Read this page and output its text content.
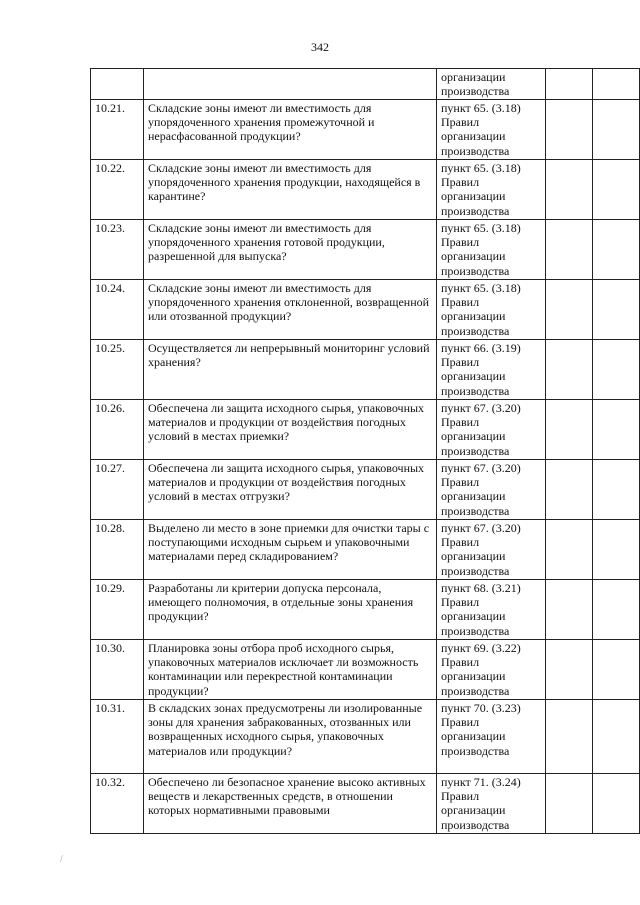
342
		организации производства		
10.21.	Складские зоны имеют ли вместимость для упорядоченного хранения промежуточной и нерасфасованной продукции?	пункт 65. (3.18) Правил организации производства		
10.22.	Складские зоны имеют ли вместимость для упорядоченного хранения продукции, находящейся в карантине?	пункт 65. (3.18) Правил организации производства		
10.23.	Складские зоны имеют ли вместимость для упорядоченного хранения готовой продукции, разрешенной для выпуска?	пункт 65. (3.18) Правил организации производства		
10.24.	Складские зоны имеют ли вместимость для упорядоченного хранения отклоненной, возвращенной или отозванной продукции?	пункт 65. (3.18) Правил организации производства		
10.25.	Осуществляется ли непрерывный мониторинг условий хранения?	пункт 66. (3.19) Правил организации производства		
10.26.	Обеспечена ли защита исходного сырья, упаковочных материалов и продукции от воздействия погодных условий в местах приемки?	пункт 67. (3.20) Правил организации производства		
10.27.	Обеспечена ли защита исходного сырья, упаковочных материалов и продукции от воздействия погодных условий в местах отгрузки?	пункт 67. (3.20) Правил организации производства		
10.28.	Выделено ли место в зоне приемки для очистки тары с поступающими исходным сырьем и упаковочными материалами перед складированием?	пункт 67. (3.20) Правил организации производства		
10.29.	Разработаны ли критерии допуска персонала, имеющего полномочия, в отдельные зоны хранения продукции?	пункт 68. (3.21) Правил организации производства		
10.30.	Планировка зоны отбора проб исходного сырья, упаковочных материалов исключает ли возможность контаминации или перекрестной контаминации продукции?	пункт 69. (3.22) Правил организации производства		
10.31.	В складских зонах предусмотрены ли изолированные зоны для хранения забракованных, отозванных или возвращенных исходного сырья, упаковочных материалов или продукции?	пункт 70. (3.23) Правил организации производства		
10.32.	Обеспечено ли безопасное хранение высоко активных веществ и лекарственных средств, в отношении которых нормативными правовыми	пункт 71. (3.24) Правил организации производства		
\
